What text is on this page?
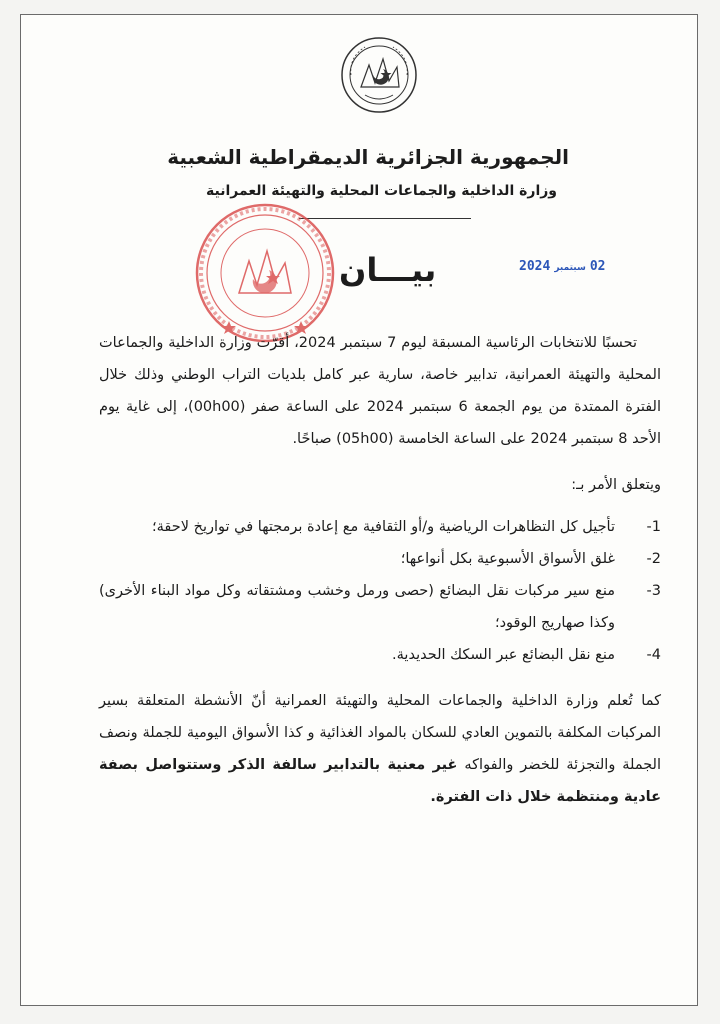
الجمهورية الجزائرية الديمقراطية الشعبية
وزارة الداخلية والجماعات المحلية والتهيئة العمرانية
بيـــان	2024 سبتمبر 02

تحسبًا للانتخابات الرئاسية المسبقة ليوم 7 سبتمبر 2024، أقرّت وزارة الداخلية والجماعات المحلية والتهيئة العمرانية، تدابير خاصة، سارية عبر كامل بلديات التراب الوطني وذلك خلال الفترة الممتدة من يوم الجمعة 6 سبتمبر 2024 على الساعة صفر (00h00)، إلى غاية يوم الأحد 8 سبتمبر 2024 على الساعة الخامسة (05h00) صباحًا.

ويتعلق الأمر بـ:

-1
تأجيل كل التظاهرات الرياضية و/أو الثقافية مع إعادة برمجتها في تواريخ لاحقة؛
-2
غلق الأسواق الأسبوعية بكل أنواعها؛
-3
منع سير مركبات نقل البضائع (حصى ورمل وخشب ومشتقاته وكل مواد البناء الأخرى) وكذا صهاريج الوقود؛
-4
منع نقل البضائع عبر السكك الحديدية.

كما تُعلم وزارة الداخلية والجماعات المحلية والتهيئة العمرانية أنّ الأنشطة المتعلقة بسير المركبات المكلفة بالتموين العادي للسكان بالمواد الغذائية و كذا الأسواق اليومية للجملة ونصف الجملة والتجزئة للخضر والفواكه غير معنية بالتدابير سالفة الذكر وستتواصل بصفة عادية ومنتظمة خلال ذات الفترة.
